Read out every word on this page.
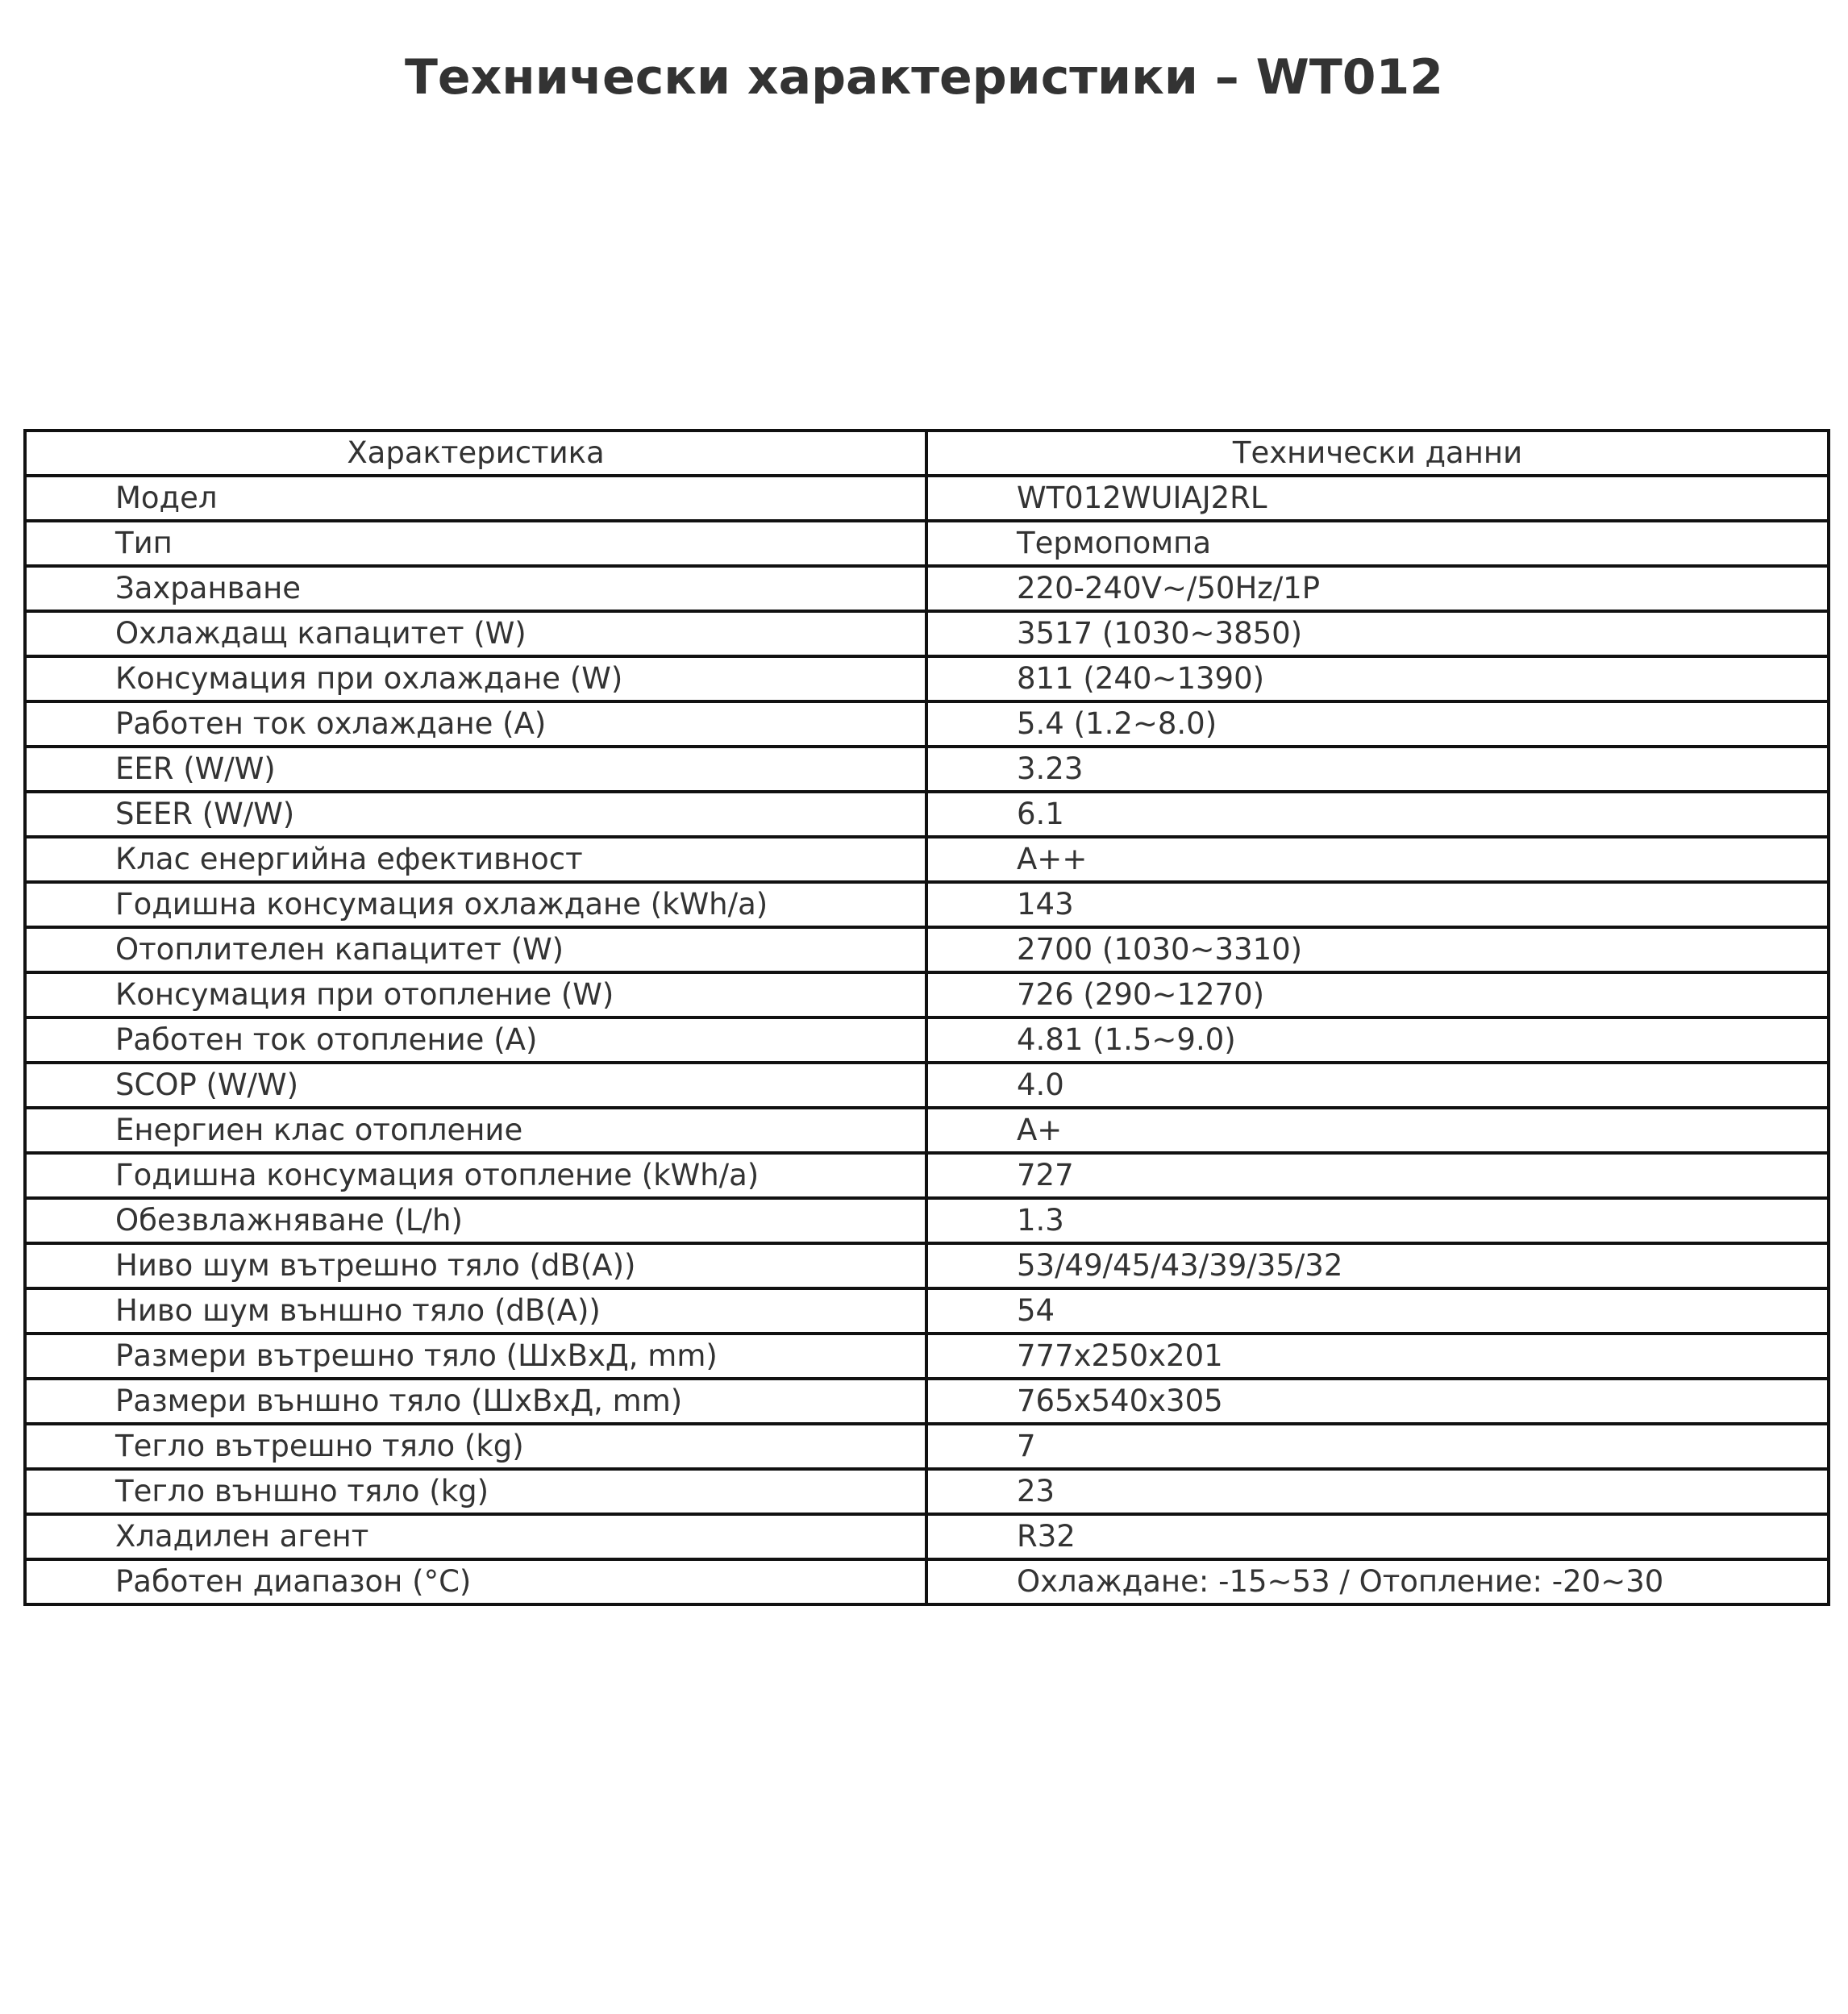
Технически характеристики – WT012
Характеристика	Технически данни
Модел	WT012WUIAJ2RL
Тип	Термопомпа
Захранване	220-240V~/50Hz/1P
Охлаждащ капацитет (W)	3517 (1030~3850)
Консумация при охлаждане (W)	811 (240~1390)
Работен ток охлаждане (A)	5.4 (1.2~8.0)
EER (W/W)	3.23
SEER (W/W)	6.1
Клас енергийна ефективност	A++
Годишна консумация охлаждане (kWh/a)	143
Отоплителен капацитет (W)	2700 (1030~3310)
Консумация при отопление (W)	726 (290~1270)
Работен ток отопление (A)	4.81 (1.5~9.0)
SCOP (W/W)	4.0
Енергиен клас отопление	A+
Годишна консумация отопление (kWh/a)	727
Обезвлажняване (L/h)	1.3
Ниво шум вътрешно тяло (dB(A))	53/49/45/43/39/35/32
Ниво шум външно тяло (dB(A))	54
Размери вътрешно тяло (ШxВxД, mm)	777x250x201
Размери външно тяло (ШxВxД, mm)	765x540x305
Тегло вътрешно тяло (kg)	7
Тегло външно тяло (kg)	23
Хладилен агент	R32
Работен диапазон (°C)	Охлаждане: -15~53 / Отопление: -20~30
